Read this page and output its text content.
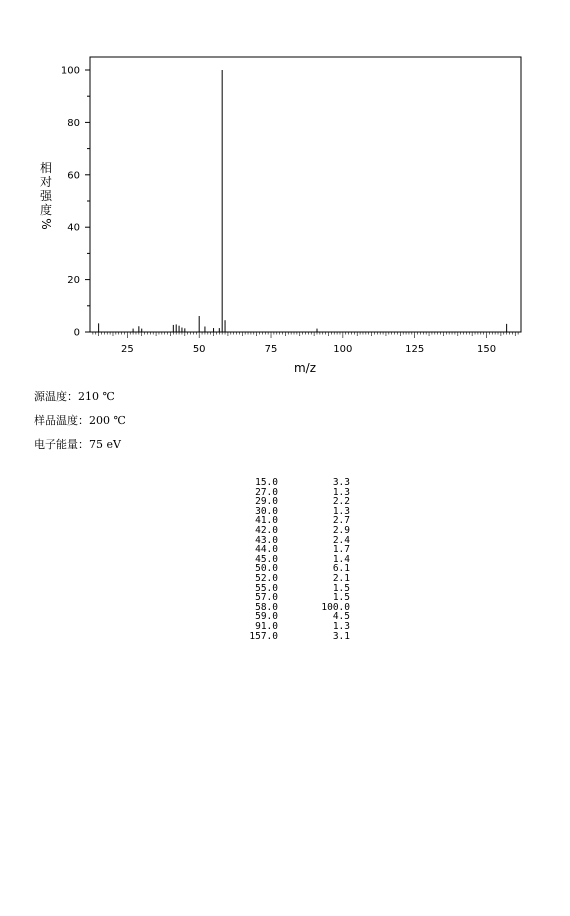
0
20
40
60
80
100
25	50	75	100	125	150
m/z
相
对
强
度
%
源温度：210 ℃
样品温度：200 ℃
电子能量：75 eV
15.0	3.3
27.0	1.3
29.0	2.2
30.0	1.3
41.0	2.7
42.0	2.9
43.0	2.4
44.0	1.7
45.0	1.4
50.0	6.1
52.0	2.1
55.0	1.5
57.0	1.5
58.0	100.0
59.0	4.5
91.0	1.3
157.0	3.1
